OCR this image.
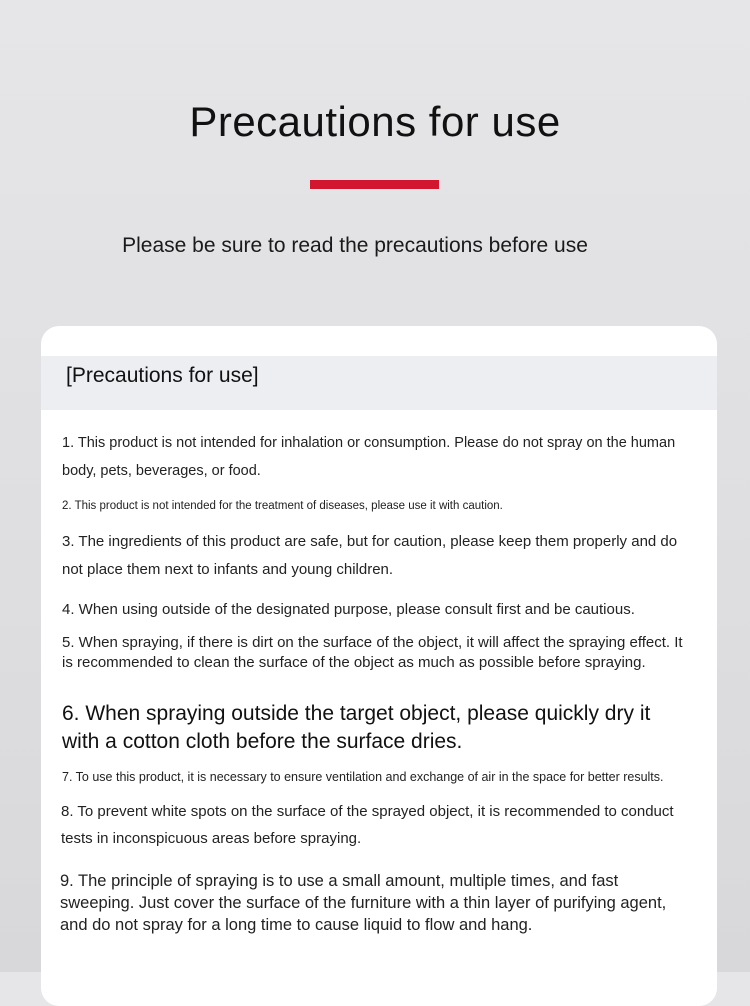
Precautions for use

Please be sure to read the precautions before use

[Precautions for use]

1. This product is not intended for inhalation or consumption. Please do not spray on the human body, pets, beverages, or food.

2. This product is not intended for the treatment of diseases, please use it with caution.

3. The ingredients of this product are safe, but for caution, please keep them properly and do not place them next to infants and young children.

4. When using outside of the designated purpose, please consult first and be cautious.

5. When spraying, if there is dirt on the surface of the object, it will affect the spraying effect. It is recommended to clean the surface of the object as much as possible before spraying.

6. When spraying outside the target object, please quickly dry it with a cotton cloth before the surface dries.

7. To use this product, it is necessary to ensure ventilation and exchange of air in the space for better results.

8. To prevent white spots on the surface of the sprayed object, it is recommended to conduct tests in inconspicuous areas before spraying.

9. The principle of spraying is to use a small amount, multiple times, and fast sweeping. Just cover the surface of the furniture with a thin layer of purifying agent, and do not spray for a long time to cause liquid to flow and hang.
